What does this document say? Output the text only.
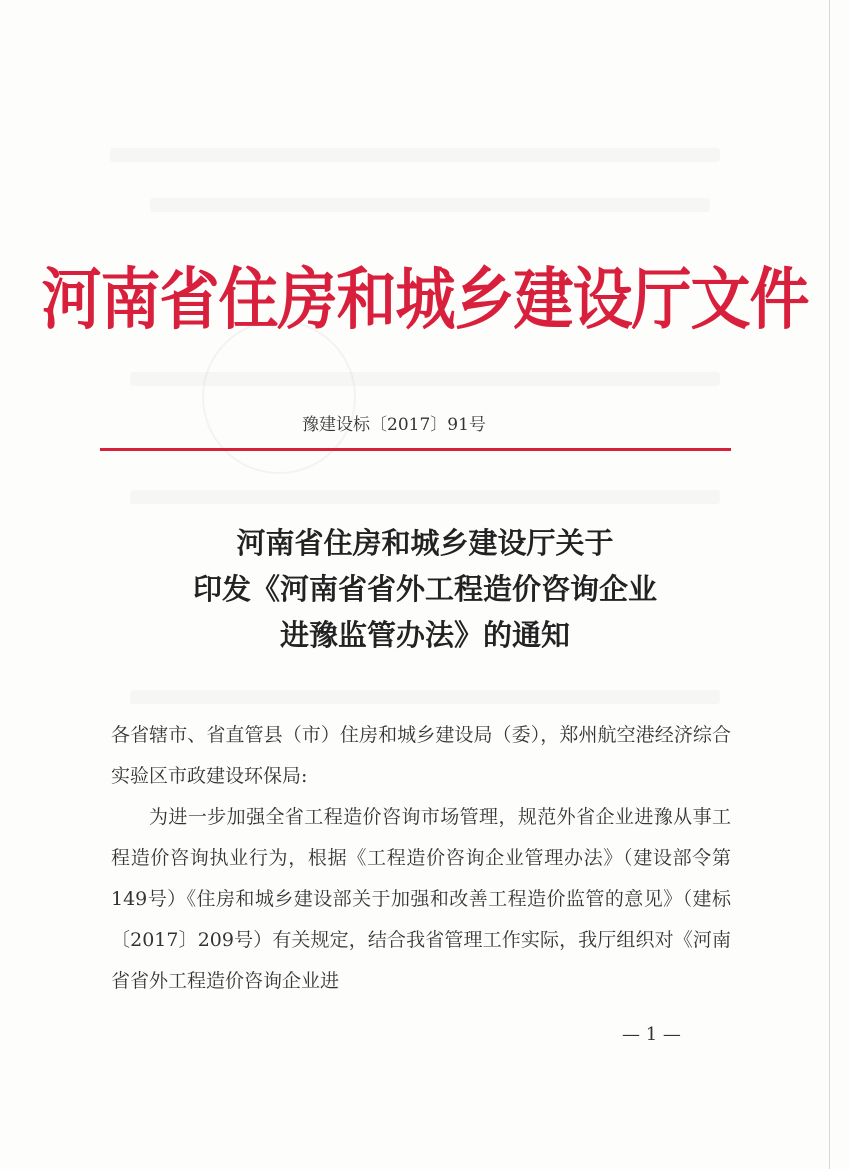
河南省住房和城乡建设厅文件
豫建设标〔2017〕91号
河南省住房和城乡建设厅关于
印发《河南省省外工程造价咨询企业
进豫监管办法》的通知

各省辖市、省直管县（市）住房和城乡建设局（委），郑州航空港经济综合实验区市政建设环保局:

为进一步加强全省工程造价咨询市场管理，规范外省企业进豫从事工程造价咨询执业行为，根据《工程造价咨询企业管理办法》（建设部令第149号）《住房和城乡建设部关于加强和改善工程造价监管的意见》（建标〔2017〕209号）有关规定，结合我省管理工作实际，我厅组织对《河南省省外工程造价咨询企业进

— 1 —
